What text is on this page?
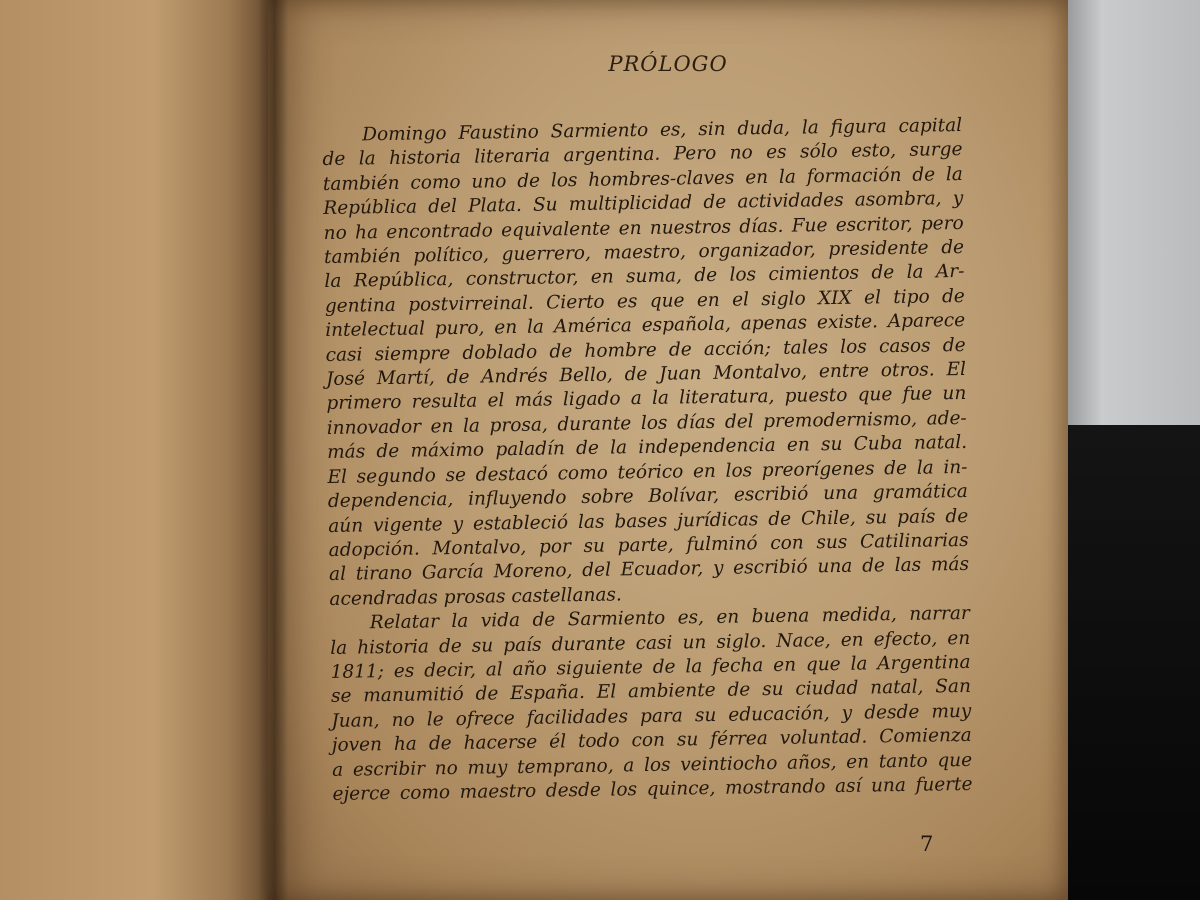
PRÓLOGO
Domingo Faustino Sarmiento es, sin duda, la figura capital
de la historia literaria argentina. Pero no es sólo esto, surge
también como uno de los hombres-claves en la formación de la
República del Plata. Su multiplicidad de actividades asombra, y
no ha encontrado equivalente en nuestros días. Fue escritor, pero
también político, guerrero, maestro, organizador, presidente de
la República, constructor, en suma, de los cimientos de la Ar-
gentina postvirreinal. Cierto es que en el siglo XIX el tipo de
intelectual puro, en la América española, apenas existe. Aparece
casi siempre doblado de hombre de acción; tales los casos de
José Martí, de Andrés Bello, de Juan Montalvo, entre otros. El
primero resulta el más ligado a la literatura, puesto que fue un
innovador en la prosa, durante los días del premodernismo, ade-
más de máximo paladín de la independencia en su Cuba natal.
El segundo se destacó como teórico en los preorígenes de la in-
dependencia, influyendo sobre Bolívar, escribió una gramática
aún vigente y estableció las bases jurídicas de Chile, su país de
adopción. Montalvo, por su parte, fulminó con sus Catilinarias
al tirano García Moreno, del Ecuador, y escribió una de las más
acendradas prosas castellanas.
Relatar la vida de Sarmiento es, en buena medida, narrar
la historia de su país durante casi un siglo. Nace, en efecto, en
1811; es decir, al año siguiente de la fecha en que la Argentina
se manumitió de España. El ambiente de su ciudad natal, San
Juan, no le ofrece facilidades para su educación, y desde muy
joven ha de hacerse él todo con su férrea voluntad. Comienza
a escribir no muy temprano, a los veintiocho años, en tanto que
ejerce como maestro desde los quince, mostrando así una fuerte
7
